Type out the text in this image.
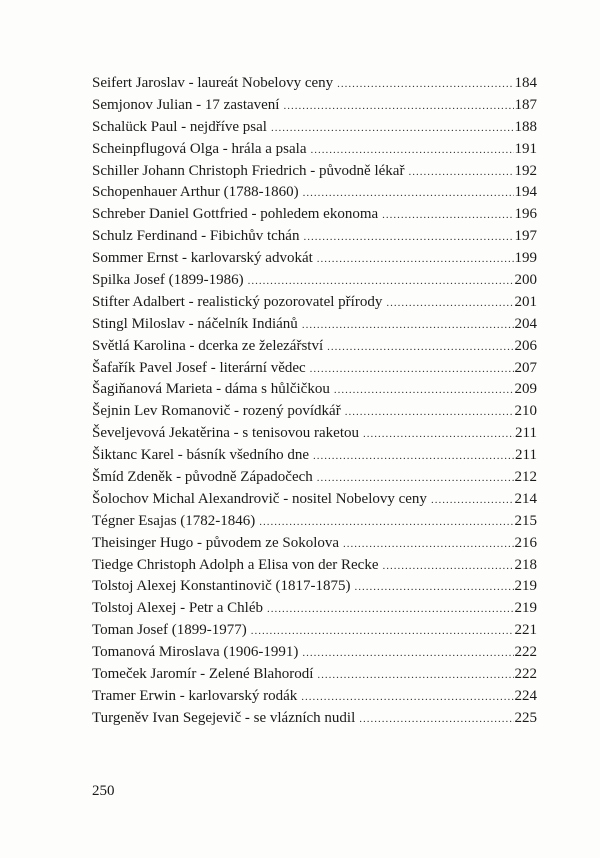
Seifert Jaroslav - laureát Nobelovy ceny .....	184
Semjonov Julian - 17 zastavení .....	187
Schalück Paul - nejdříve psal .....	188
Scheinpflugová Olga - hrála a psala .....	191
Schiller Johann Christoph Friedrich - původně lékař .....	192
Schopenhauer Arthur (1788-1860) .....	194
Schreber Daniel Gottfried - pohledem ekonoma .....	196
Schulz Ferdinand - Fibichův tchán .....	197
Sommer Ernst - karlovarský advokát .....	199
Spilka Josef (1899-1986) .....	200
Stifter Adalbert - realistický pozorovatel přírody .....	201
Stingl Miloslav - náčelník Indiánů .....	204
Světlá Karolina - dcerka ze železářství .....	206
Šafařík Pavel Josef - literární vědec .....	207
Šagiňanová Marieta - dáma s hůlčičkou .....	209
Šejnin Lev Romanovič - rozený povídkář .....	210
Ševeljevová Jekatěrina - s tenisovou raketou .....	211
Šiktanc Karel - básník všedního dne .....	211
Šmíd Zdeněk - původně Západočech .....	212
Šolochov Michal Alexandrovič - nositel Nobelovy ceny .....	214
Tégner Esajas (1782-1846) .....	215
Theisinger Hugo - původem ze Sokolova .....	216
Tiedge Christoph Adolph a Elisa von der Recke .....	218
Tolstoj Alexej Konstantinovič (1817-1875) .....	219
Tolstoj Alexej - Petr a Chléb .....	219
Toman Josef (1899-1977) .....	221
Tomanová Miroslava (1906-1991) .....	222
Tomeček Jaromír - Zelené Blahorodí .....	222
Tramer Erwin - karlovarský rodák .....	224
Turgeněv Ivan Segejevič - se vlázních nudil .....	225
250
